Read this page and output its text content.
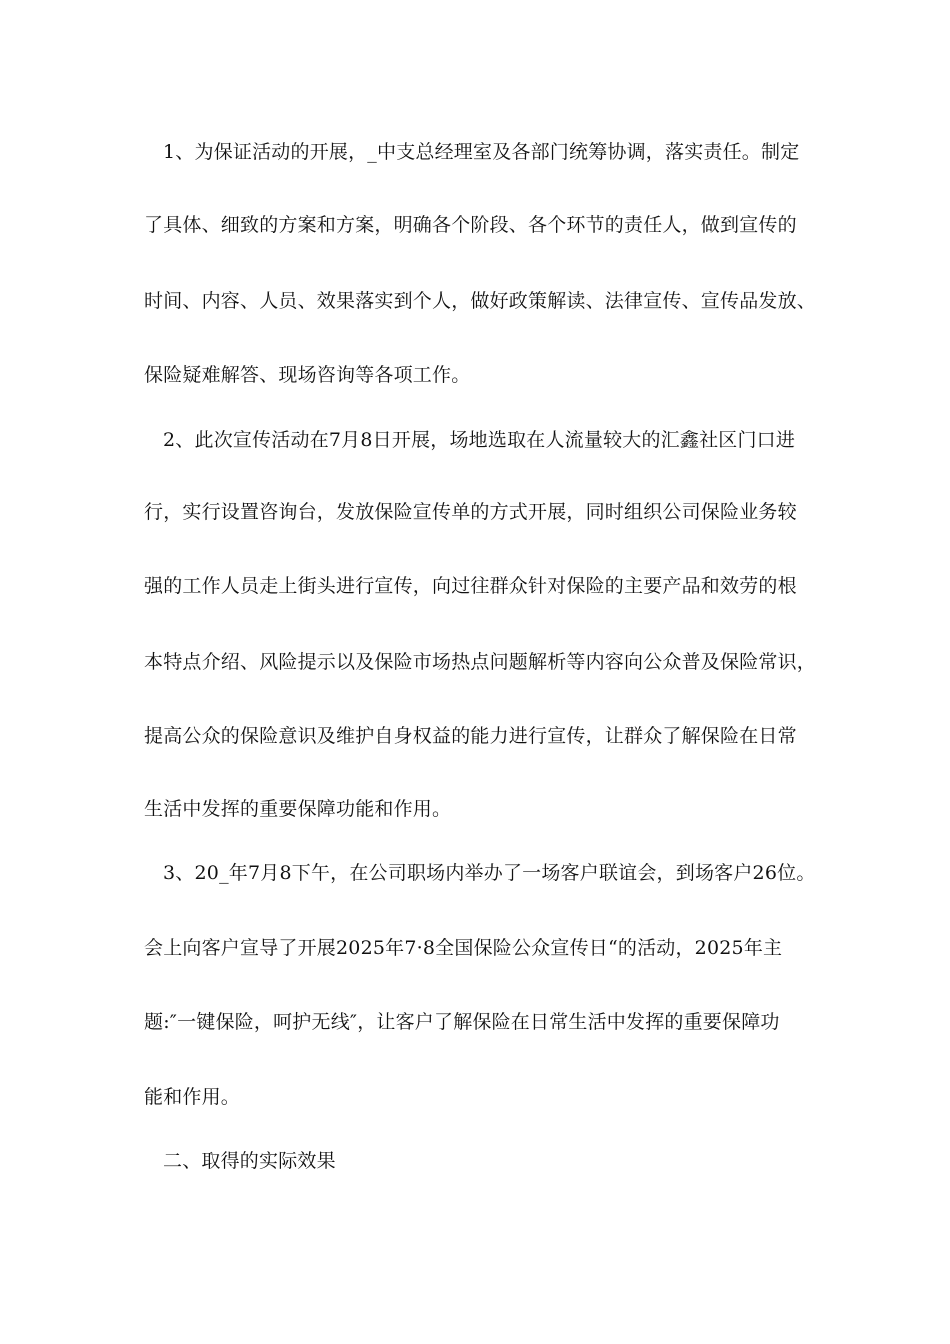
1、为保证活动的开展，_中支总经理室及各部门统筹协调，落实责任。制定
了具体、细致的方案和方案，明确各个阶段、各个环节的责任人，做到宣传的
时间、内容、人员、效果落实到个人，做好政策解读、法律宣传、宣传品发放、
保险疑难解答、现场咨询等各项工作。
2、此次宣传活动在7月8日开展，场地选取在人流量较大的汇鑫社区门口进
行，实行设置咨询台，发放保险宣传单的方式开展，同时组织公司保险业务较
强的工作人员走上街头进行宣传，向过往群众针对保险的主要产品和效劳的根
本特点介绍、风险提示以及保险市场热点问题解析等内容向公众普及保险常识，
提高公众的保险意识及维护自身权益的能力进行宣传，让群众了解保险在日常
生活中发挥的重要保障功能和作用。
3、20_年7月8下午，在公司职场内举办了一场客户联谊会，到场客户26位。
会上向客户宣导了开展2025年7·8全国保险公众宣传日“的活动，2025年主
题:″一键保险，呵护无线″，让客户了解保险在日常生活中发挥的重要保障功
能和作用。
二、取得的实际效果
